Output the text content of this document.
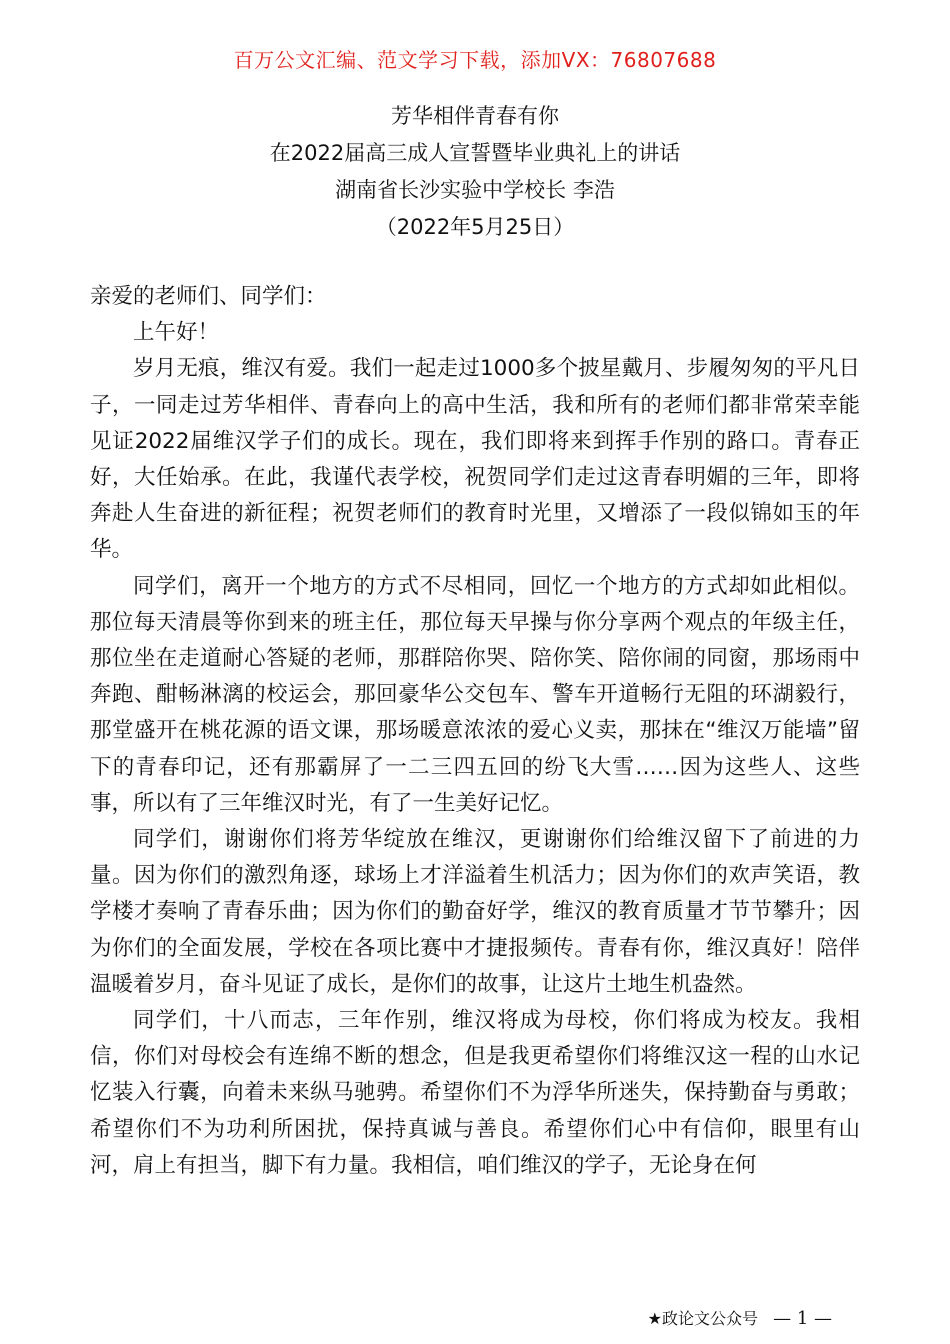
百万公文汇编、范文学习下载，添加VX：76807688
芳华相伴青春有你
在2022届高三成人宣誓暨毕业典礼上的讲话
湖南省长沙实验中学校长 李浩
（2022年5月25日）

亲爱的老师们、同学们：

上午好！

岁月无痕，维汉有爱。我们一起走过1000多个披星戴月、步履匆匆的平凡日子，一同走过芳华相伴、青春向上的高中生活，我和所有的老师们都非常荣幸能见证2022届维汉学子们的成长。现在，我们即将来到挥手作别的路口。青春正好，大任始承。在此，我谨代表学校，祝贺同学们走过这青春明媚的三年，即将奔赴人生奋进的新征程；祝贺老师们的教育时光里，又增添了一段似锦如玉的年华。

同学们，离开一个地方的方式不尽相同，回忆一个地方的方式却如此相似。那位每天清晨等你到来的班主任，那位每天早操与你分享两个观点的年级主任，那位坐在走道耐心答疑的老师，那群陪你哭、陪你笑、陪你闹的同窗，那场雨中奔跑、酣畅淋漓的校运会，那回豪华公交包车、警车开道畅行无阻的环湖毅行，那堂盛开在桃花源的语文课，那场暖意浓浓的爱心义卖，那抹在“维汉万能墙”留下的青春印记，还有那霸屏了一二三四五回的纷飞大雪……因为这些人、这些事，所以有了三年维汉时光，有了一生美好记忆。

同学们，谢谢你们将芳华绽放在维汉，更谢谢你们给维汉留下了前进的力量。因为你们的激烈角逐，球场上才洋溢着生机活力；因为你们的欢声笑语，教学楼才奏响了青春乐曲；因为你们的勤奋好学，维汉的教育质量才节节攀升；因为你们的全面发展，学校在各项比赛中才捷报频传。青春有你，维汉真好！陪伴温暖着岁月，奋斗见证了成长，是你们的故事，让这片土地生机盎然。

同学们，十八而志，三年作别，维汉将成为母校，你们将成为校友。我相信，你们对母校会有连绵不断的想念，但是我更希望你们将维汉这一程的山水记忆装入行囊，向着未来纵马驰骋。希望你们不为浮华所迷失，保持勤奋与勇敢；希望你们不为功利所困扰，保持真诚与善良。希望你们心中有信仰，眼里有山河，肩上有担当，脚下有力量。我相信，咱们维汉的学子，无论身在何

★政论文公众号 — 1 —
